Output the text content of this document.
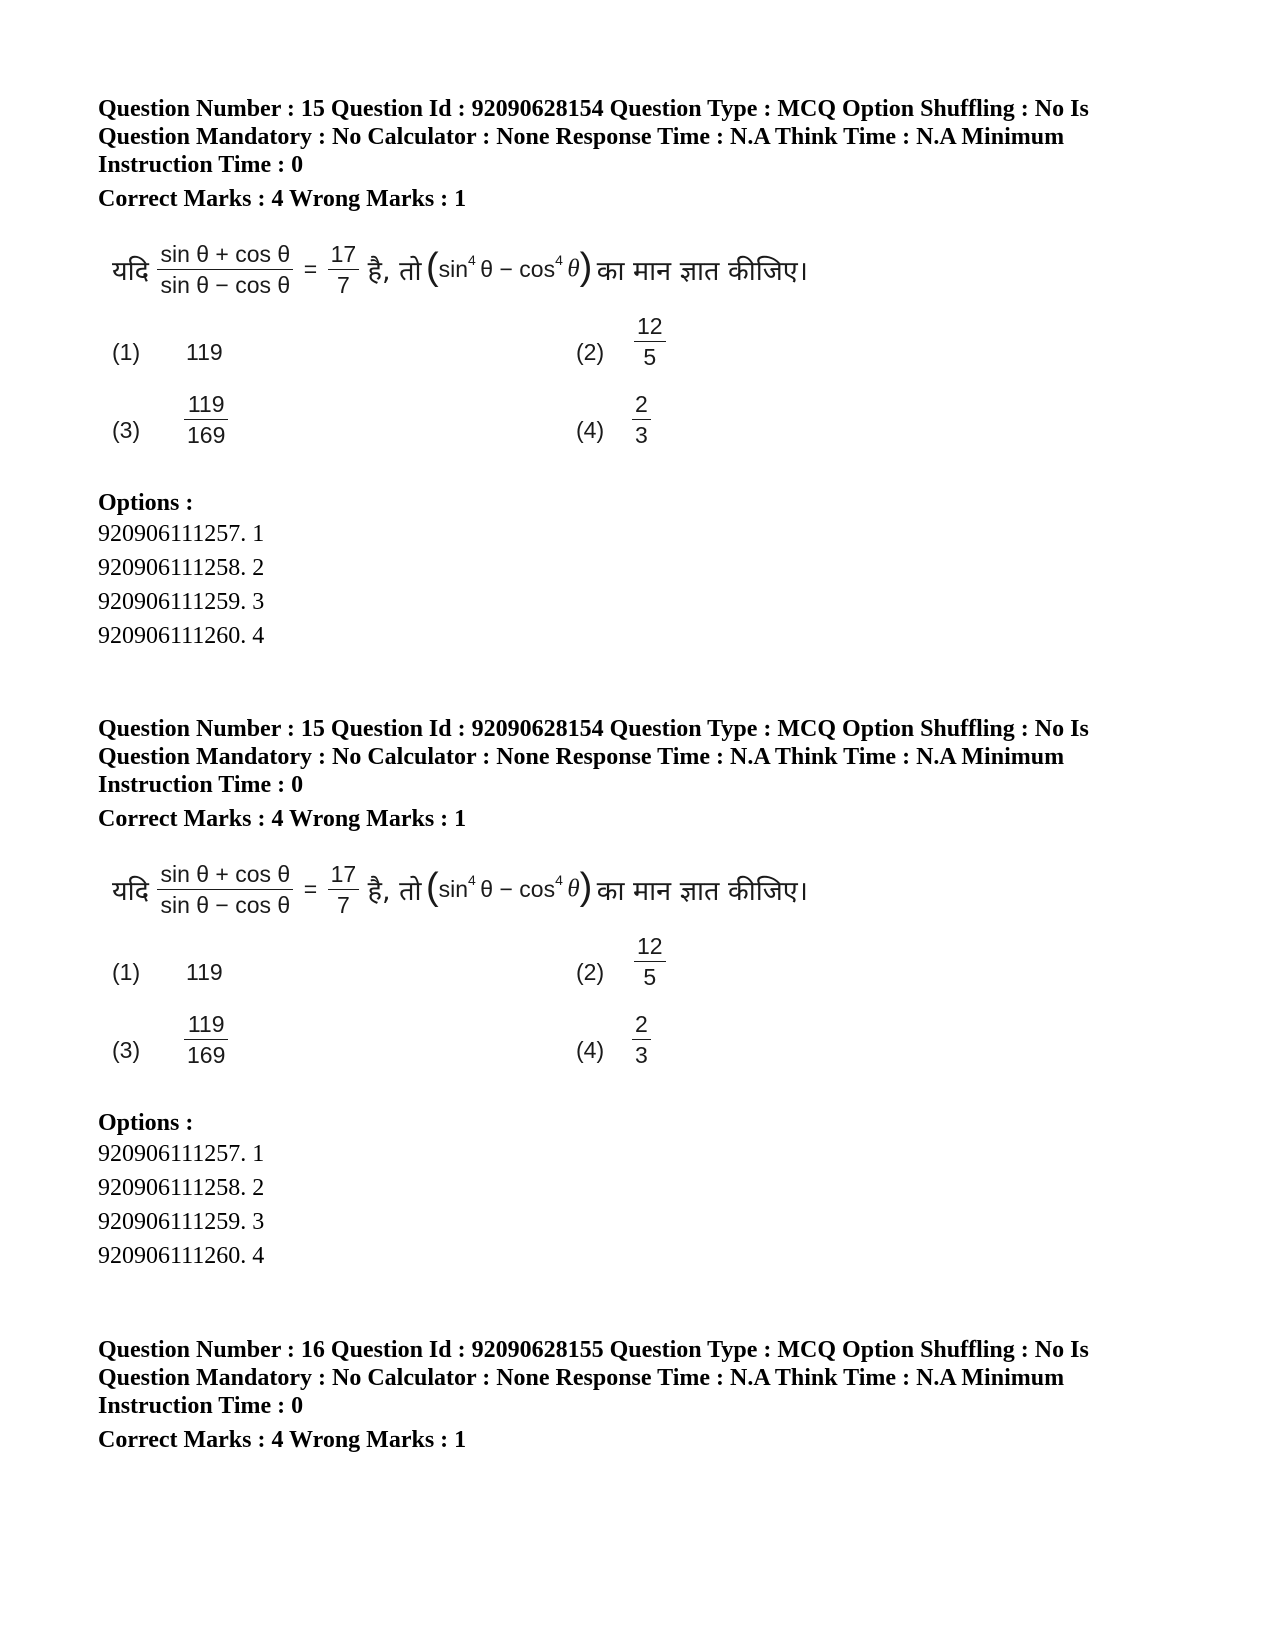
Question Number : 15 Question Id : 92090628154 Question Type : MCQ Option Shuffling : No Is

Question Mandatory : No Calculator : None Response Time : N.A Think Time : N.A Minimum

Instruction Time : 0

Correct Marks : 4 Wrong Marks : 1
यदि $\frac{\text{sin θ + cos θ}}{\text{sin θ − cos θ}} = \frac{17}{7}$ है, तो (sin4 θ − cos4 θ) का मान ज्ञात कीजिए।
(1) 119	$(2) \frac{12}{5}$
$(3) \frac{119}{169}$	$(4) \frac{2}{3}$
Options :
920906111257. 1
920906111258. 2
920906111259. 3
920906111260. 4

Question Number : 15 Question Id : 92090628154 Question Type : MCQ Option Shuffling : No Is

Question Mandatory : No Calculator : None Response Time : N.A Think Time : N.A Minimum

Instruction Time : 0

Correct Marks : 4 Wrong Marks : 1
यदि $\frac{\text{sin θ + cos θ}}{\text{sin θ − cos θ}} = \frac{17}{7}$ है, तो (sin4 θ − cos4 θ) का मान ज्ञात कीजिए।
(1) 119	$(2) \frac{12}{5}$
$(3) \frac{119}{169}$	$(4) \frac{2}{3}$
Options :
920906111257. 1
920906111258. 2
920906111259. 3
920906111260. 4

Question Number : 16 Question Id : 92090628155 Question Type : MCQ Option Shuffling : No Is

Question Mandatory : No Calculator : None Response Time : N.A Think Time : N.A Minimum

Instruction Time : 0

Correct Marks : 4 Wrong Marks : 1
